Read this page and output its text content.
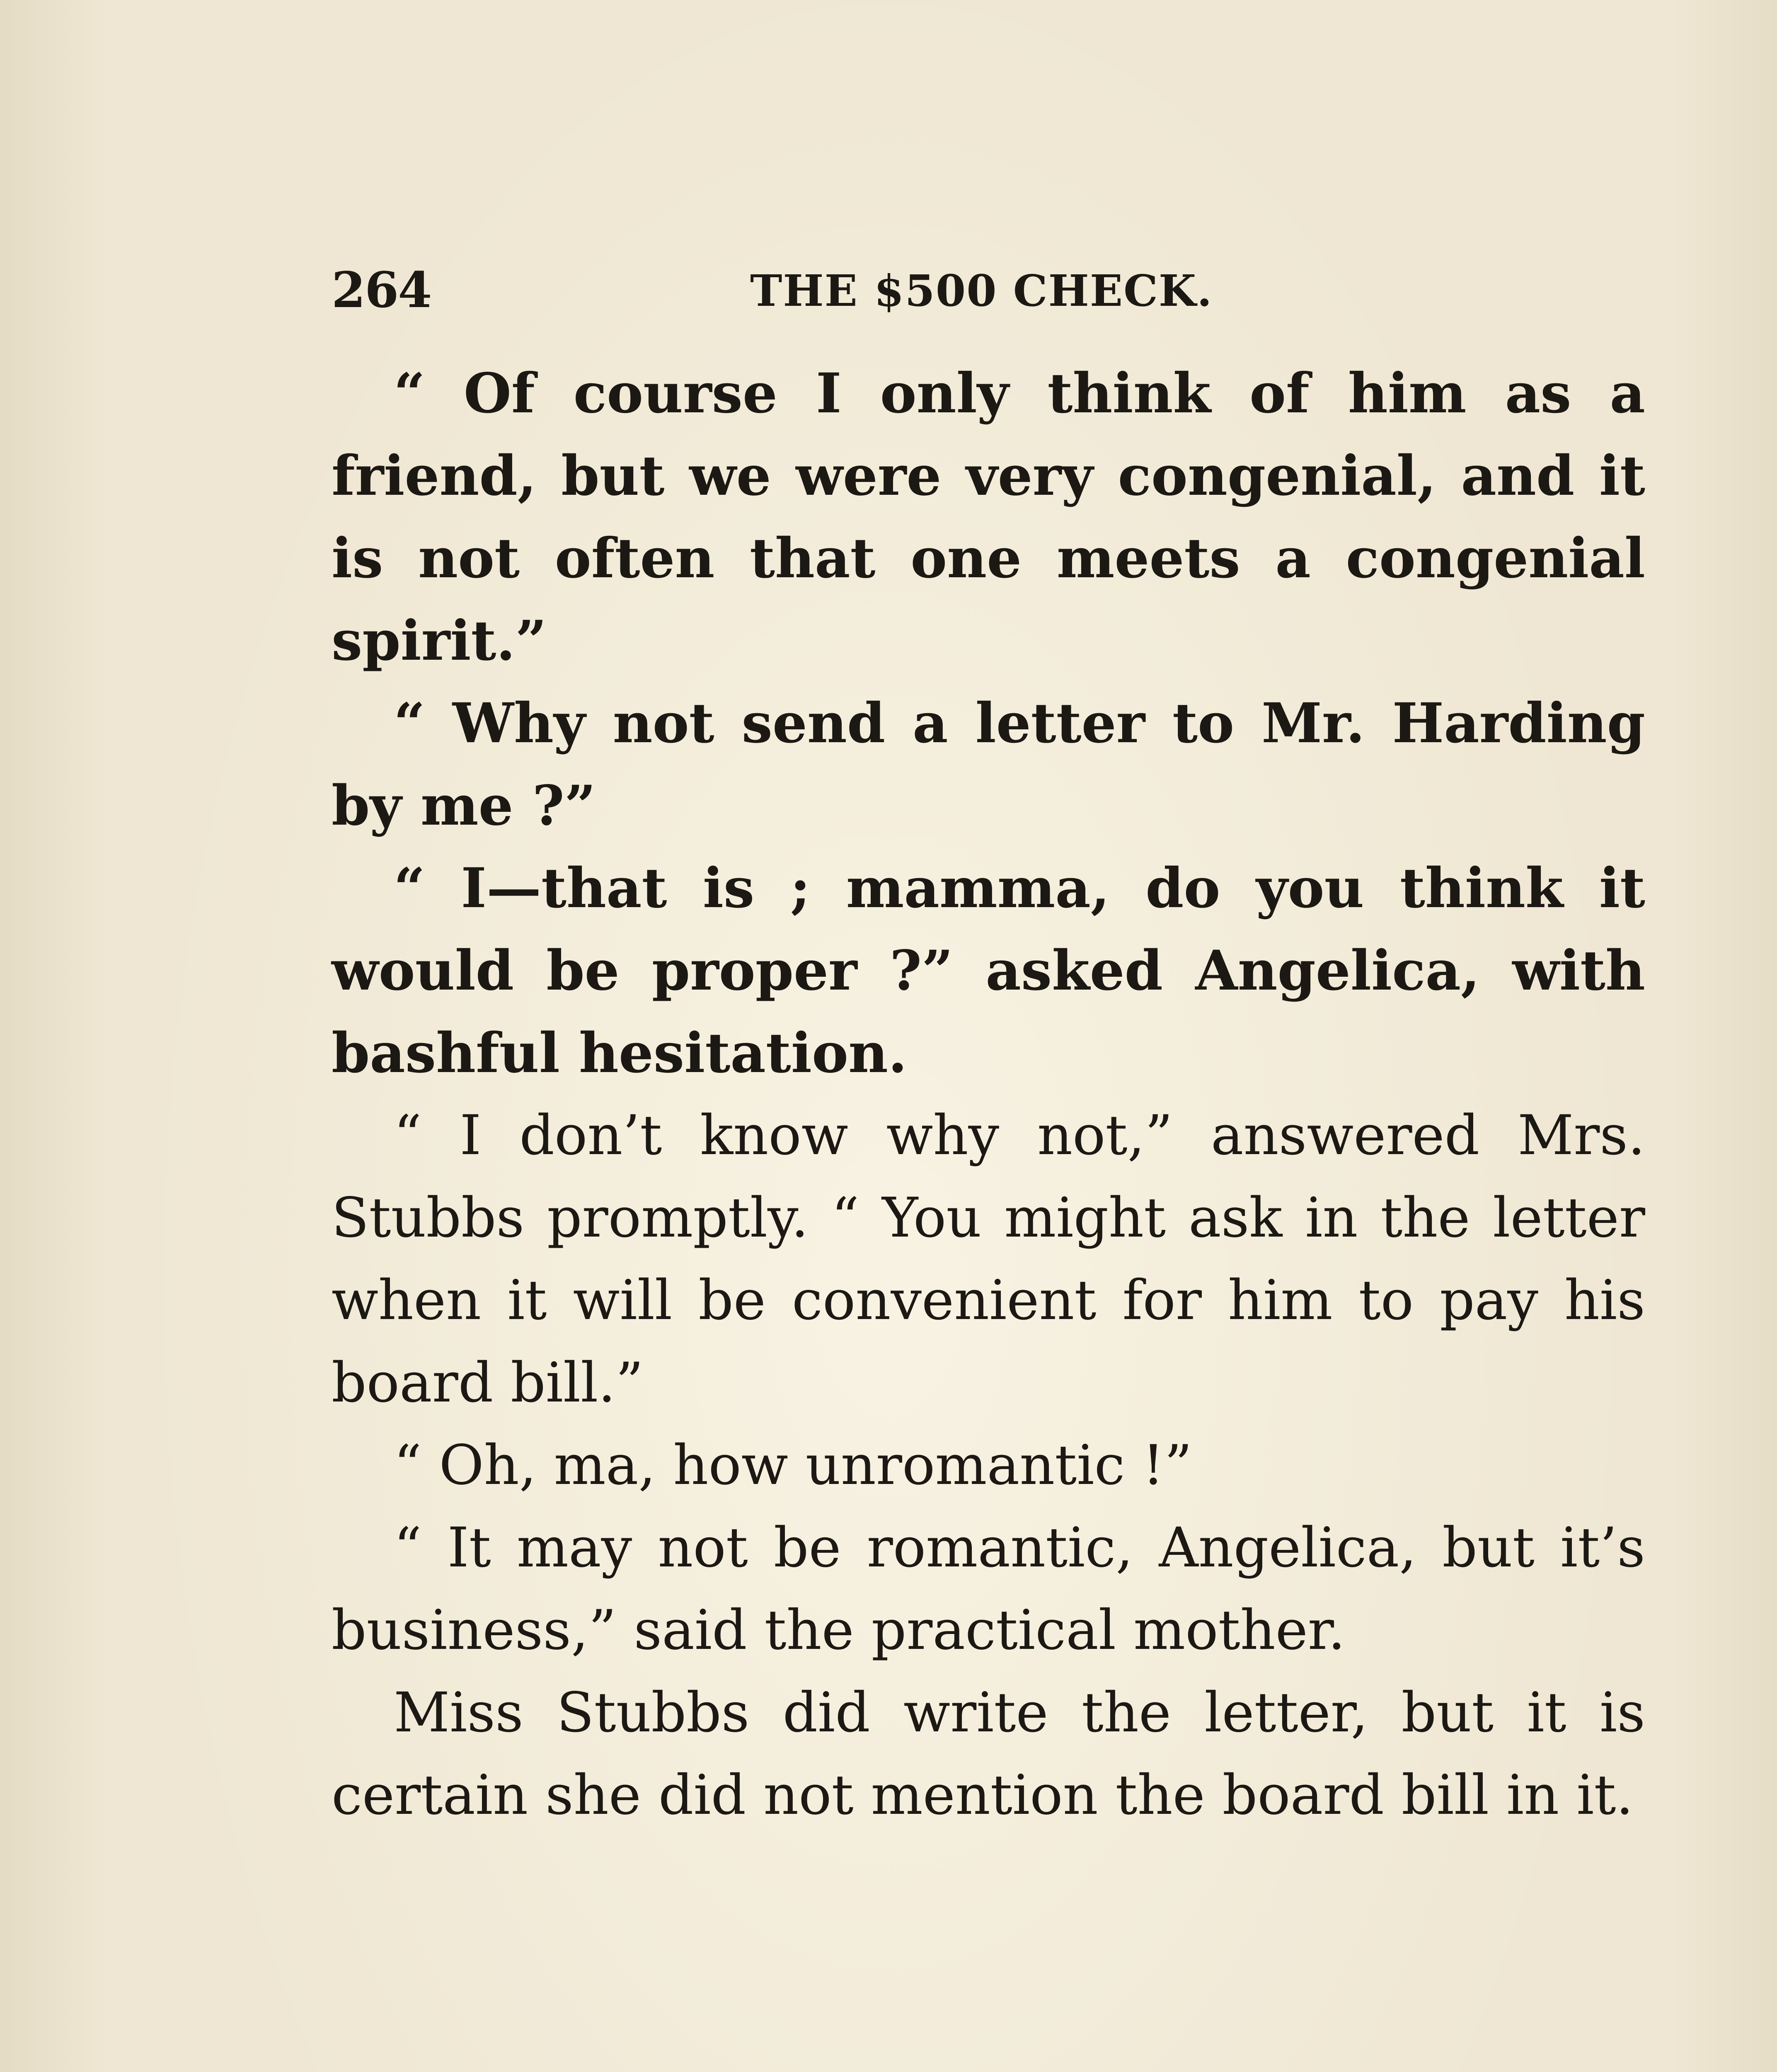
264	THE $500 CHECK.

“ Of course I only think of him as a friend, but we were very congenial, and it is not often that one meets a congenial spirit.”

“ Why not send a letter to Mr. Harding by me ?”

“ I—that is ; mamma, do you think it would be proper ?” asked Angelica, with bashful hesitation.

“ I don’t know why not,” answered Mrs. Stubbs promptly. “ You might ask in the letter when it will be convenient for him to pay his board bill.”

“ Oh, ma, how unromantic !”

“ It may not be romantic, Angelica, but it’s business,” said the practical mother.

Miss Stubbs did write the letter, but it is certain she did not mention the board bill in it.
